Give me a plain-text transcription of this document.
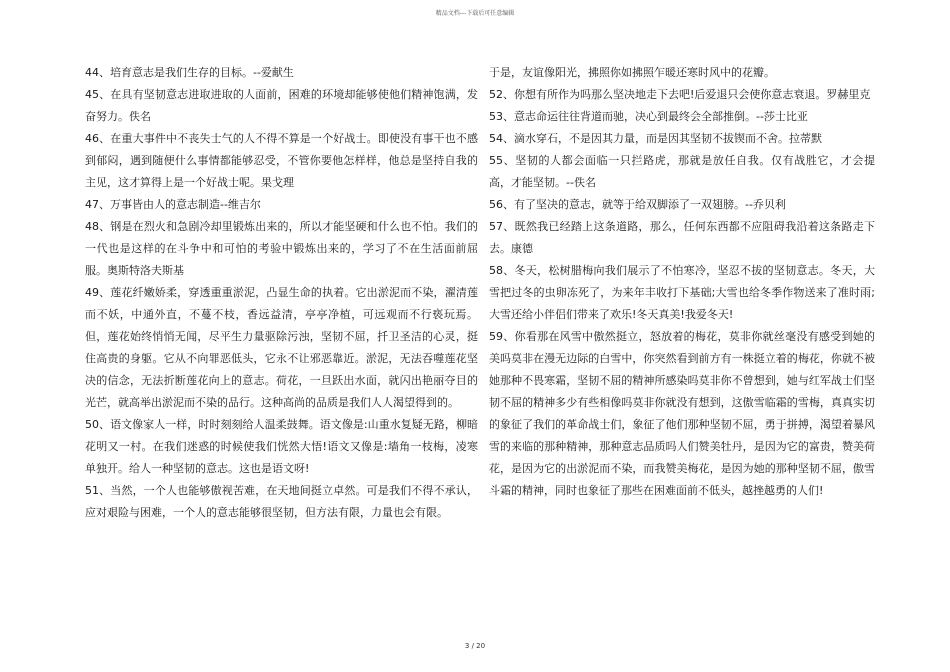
精品文档---下载后可任意编辑

44、培育意志是我们生存的目标。--爱献生

45、在具有坚韧意志进取进取的人面前，困难的环境却能够使他们精神饱满，发奋努力。佚名

46、在重大事件中不丧失士气的人不得不算是一个好战士。即使没有事干也不感到郁闷，遇到随便什么事情都能够忍受，不管你要他怎样样，他总是坚持自我的主见，这才算得上是一个好战士呢。果戈理

47、万事皆由人的意志制造--维吉尔

48、钢是在烈火和急剧冷却里锻炼出来的，所以才能坚硬和什么也不怕。我们的一代也是这样的在斗争中和可怕的考验中锻炼出来的，学习了不在生活面前屈服。奥斯特洛夫斯基

49、莲花纤嫩娇柔，穿透重重淤泥，凸显生命的执着。它出淤泥而不染，濯清莲而不妖，中通外直，不蔓不枝，香远益清，亭亭净植，可远观而不行亵玩焉。但，莲花始终悄悄无闻，尽平生力量驱除污浊，坚韧不屈，扦卫圣洁的心灵，挺住高贵的身躯。它从不向罪恶低头，它永不让邪恶靠近。淤泥，无法吞噬莲花坚决的信念，无法折断莲花向上的意志。荷花，一旦跃出水面，就闪出艳丽夺目的光芒，就高举出淤泥而不染的品行。这种高尚的品质是我们人人渴望得到的。

50、语文像家人一样，时时刻刻给人温柔鼓舞。语文像是:山重水复疑无路，柳暗花明又一村。在我们迷惑的时候使我们恍然大悟!语文又像是:墙角一枝梅，凌寒单独开。给人一种坚韧的意志。这也是语文呀!

51、当然，一个人也能够傲视苦难，在天地间挺立卓然。可是我们不得不承认，应对艰险与困难，一个人的意志能够很坚韧，但方法有限，力量也会有限。

于是，友谊像阳光，拂照你如拂照乍暖还寒时风中的花瓣。

52、你想有所作为吗那么坚决地走下去吧!后爱退只会使你意志衰退。罗赫里克

53、意志命运往往背道而驰，决心到最终会全部推倒。--莎士比亚

54、滴水穿石，不是因其力量，而是因其坚韧不拔锲而不舍。拉蒂默

55、坚韧的人都会面临一只拦路虎，那就是放任自我。仅有战胜它，才会提高，才能坚韧。--佚名

56、有了坚决的意志，就等于给双脚添了一双翅膀。--乔贝利

57、既然我已经踏上这条道路，那么，任何东西都不应阻碍我沿着这条路走下去。康德

58、冬天，松树腊梅向我们展示了不怕寒冷，坚忍不拔的坚韧意志。冬天，大雪把过冬的虫卵冻死了，为来年丰收打下基础;大雪也给冬季作物送来了准时雨;大雪还给小伴侣们带来了欢乐!冬天真美!我爱冬天!

59、你看那在风雪中傲然挺立，怒放着的梅花，莫非你就丝毫没有感受到她的美吗莫非在漫无边际的白雪中，你突然看到前方有一株挺立着的梅花，你就不被她那种不畏寒霜，坚韧不屈的精神所感染吗莫非你不曾想到，她与红军战士们坚韧不屈的精神多少有些相像吗莫非你就没有想到，这傲雪临霜的雪梅，真真实切的象征了我们的革命战士们，象征了他们那种坚韧不屈，勇于拼搏，渴望着暴风雪的来临的那种精神，那种意志品质吗人们赞美牡丹，是因为它的富贵，赞美荷花，是因为它的出淤泥而不染，而我赞美梅花，是因为她的那种坚韧不屈，傲雪斗霜的精神，同时也象征了那些在困难面前不低头，越挫越勇的人们!

3 / 20
